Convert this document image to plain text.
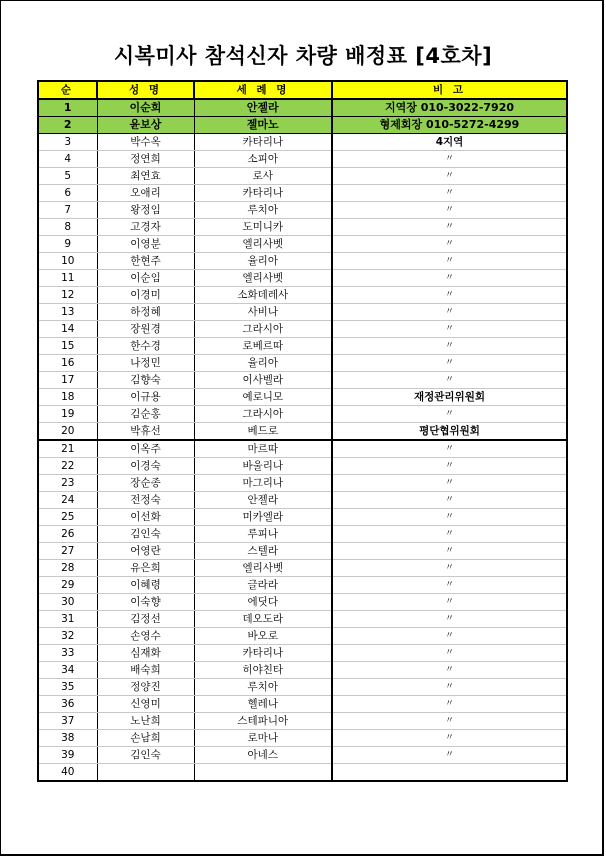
시복미사 참석신자 차량 배정표 [4호차]
순	성 명	세 례 명	비 고
1	이순희	안젤라	지역장 010-3022-7920
2	윤보상	젤마노	형제회장 010-5272-4299
3	박수옥	카타리나	4지역
4	정연희	소피아	〃
5	최연효	로사	〃
6	오애리	카타리나	〃
7	왕정임	루치아	〃
8	고경자	도미니카	〃
9	이영분	엘리사벳	〃
10	한현주	율리아	〃
11	이순임	엘리사벳	〃
12	이경미	소화데레사	〃
13	하정혜	사비나	〃
14	장원경	그라시아	〃
15	한수경	로베르따	〃
16	나정민	율리아	〃
17	김향숙	이사벨라	〃
18	이규용	예로니모	재정관리위원회
19	김순홍	그라시아	〃
20	박휴선	베드로	평단협위원회
21	이옥주	마르따	〃
22	이경숙	바울리나	〃
23	장순종	마그리나	〃
24	전정숙	안젤라	〃
25	이선화	미카엘라	〃
26	김인숙	루피나	〃
27	어영란	스텔라	〃
28	유은희	엘리사벳	〃
29	이혜령	글라라	〃
30	이숙향	에딧다	〃
31	김정선	데오도라	〃
32	손영수	바오로	〃
33	심재화	카타리나	〃
34	배숙희	히야친타	〃
35	정양진	루치아	〃
36	신영미	헬레나	〃
37	노난희	스테파니아	〃
38	손남희	로마나	〃
39	김인숙	아네스	〃
40			
